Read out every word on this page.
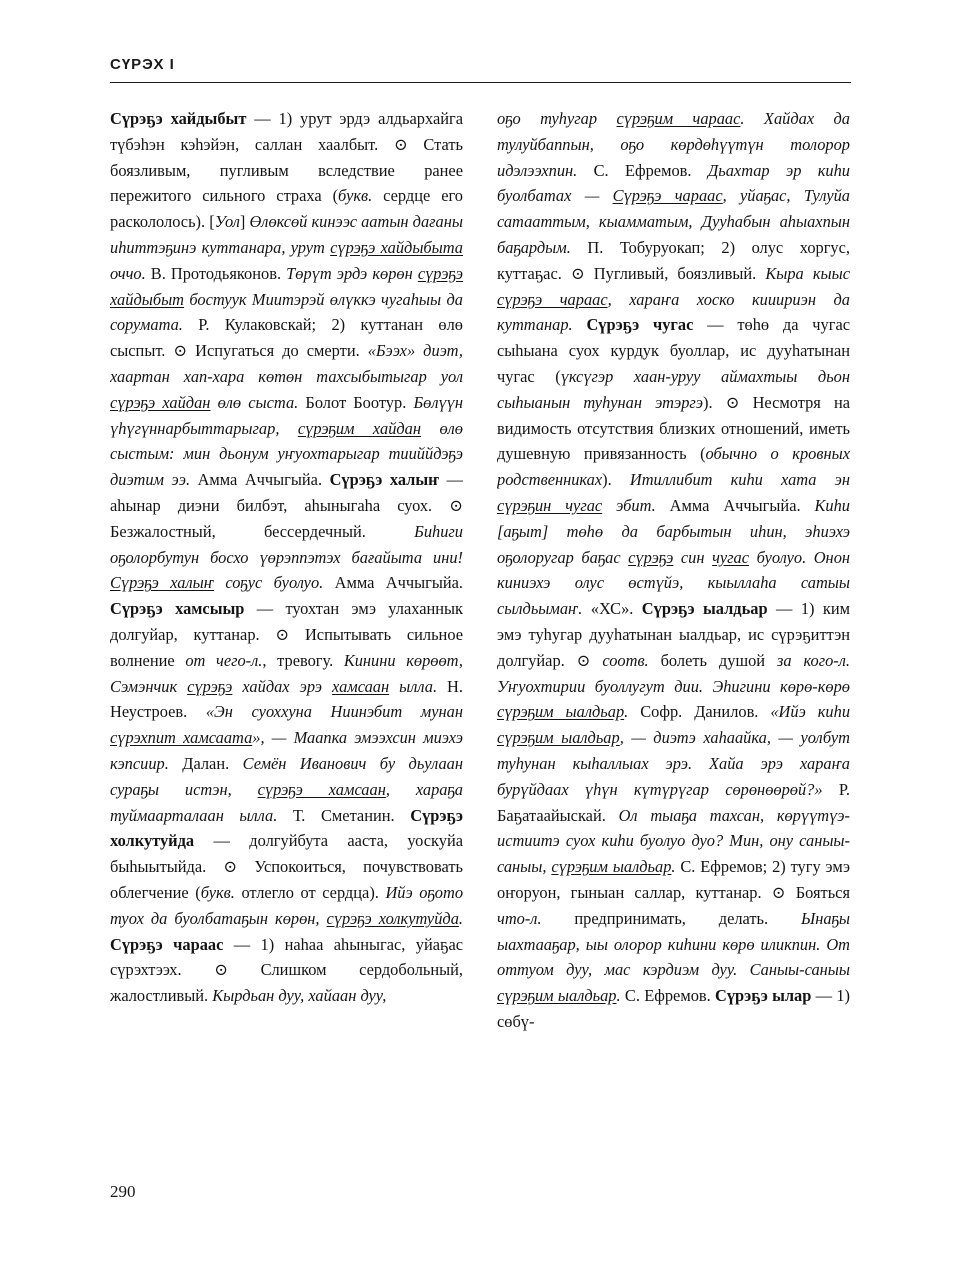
СҮРЭХ I

Сүрэҕэ хайдыбыт — 1) урут эрдэ алдьархайга түбэһэн кэһэйэн, саллан хаалбыт. ⊙ Стать боязливым, пугливым вследствие ранее пережитого сильного страха (букв. сердце его раскололось). [Уол] Өлөксөй кинээс аатын дағаны иһиттэҕинэ куттанара, урут сүрэҕэ хайдыбыта оччо. В. Протодьяконов. Төрүт эрдэ көрөн сүрэҕэ хайдыбыт бостуук Миитэрэй өлүккэ чугаһыы да сорумата. Р. Кулаковскай; 2) куттанан өлө сыспыт. ⊙ Испугаться до смерти. «Бээх» диэт, хаартан хап-хара көтөн тахсыбытыгар уол сүрэҕэ хайдан өлө сыста. Болот Боотур. Бөлүүн үһүгүннарбыттарыгар, сүрэҕим хайдан өлө сыстым: мин дьонум уҥуохтарыгар тииййдэҕэ диэтим ээ. Амма Аччыгыйа. Сүрэҕэ халыҥ — аһынар диэни билбэт, аһыныгаһа суох. ⊙ Безжалостный, бессердечный. Биһиги оҕолорбутун босхо үөрэппэтэх бағайыта ини! Сүрэҕэ халыҥ соҕус буолуо. Амма Аччыгыйа. Сүрэҕэ хамсыыр — туохтан эмэ улаханнык долгуйар, куттанар. ⊙ Испытывать сильное волнение от чего-л., тревогу. Кинини көрөөт, Сэмэнчик сүрэҕэ хайдах эрэ хамсаан ылла. Н. Неустроев. «Эн суоххуна Ниинэбит мунан сүрэхпит хамсаата», — Маапка эмээхсин миэхэ кэпсиир. Далан. Семён Иванович бу дьулаан сураҕы истэн, сүрэҕэ хамсаан, хараҕа туймаарталаан ылла. Т. Сметанин. Сүрэҕэ холкутуйда — долгуйбута ааста, уоскуйа быһыытыйда. ⊙ Успокоиться, почувствовать облегчение (букв. отлегло от сердца). Ийэ оҕото туох да буолбатаҕын көрөн, сүрэҕэ холкутуйда. Сүрэҕэ чараас — 1) наһаа аһыныгас, уйаҕас сүрэхтээх. ⊙ Слишком сердобольный, жалостливый. Кырдьан дуу, хайаан дуу,

оҕо туһугар сүрэҕим чараас. Хайдах да тулуйбаппын, оҕо көрдөһүүтүн толорор идэлээхпин. С. Ефремов. Дьахтар эр киһи буолбатах — Сүрэҕэ чараас, уйаҕас, Тулуйа сатааттым, кыамматым, Дууһабын аһыахпын баҕардым. П. Тобуруокап; 2) олус хоргус, куттаҕас. ⊙ Пугливый, боязливый. Кыра кыыс сүрэҕэ чараас, хараҥа хоско кииириэн да куттанар. Сүрэҕэ чугас — төһө да чугас сыһыана суох курдук буоллар, ис дууһатынан чугас (үксүгэр хаан-уруу аймахтыы дьон сыһыанын туһунан этэргэ). ⊙ Несмотря на видимость отсутствия близких отношений, иметь душевную привязанность (обычно о кровных родственниках). Итиллибит киһи хата эн сүрэҕин чугас эбит. Амма Аччыгыйа. Киһи [аҕыт] төһө да барбытын иһин, эһиэхэ оҕолоругар баҕас сүрэҕэ син чугас буолуо. Онон киниэхэ олус өстүйэ, кыыллаһа сатыы сылдьымаҥ. «ХС». Сүрэҕэ ыалдьар — 1) ким эмэ туһугар дууһатынан ыалдьар, ис сүрэҕиттэн долгуйар. ⊙ соотв. болеть душой за кого-л. Уҥуохтирии буоллугут дии. Эһигини көрө-көрө сүрэҕим ыалдьар. Софр. Данилов. «Ийэ киһи сүрэҕим ыалдьар, — диэтэ хаһаайка, — уолбут туһунан кыһаллыах эрэ. Хайа эрэ хараҥа бурүйдаах үһүн күтүрүгар сөрөнөөрөй?» Р. Баҕатаайыскай. Ол тыаҕа тахсан, көрүүтүэ-истиитэ суох киһи буолуо дуо? Мин, ону саныы-саныы, сүрэҕим ыалдьар. С. Ефремов; 2) тугу эмэ оҥоруон, гыныан саллар, куттанар. ⊙ Бояться что-л. предпринимать, делать. Ынаҕы ыахтааҕар, ыы олорор киһини көрө иликпин. От оттуом дуу, мас кэрдиэм дуу. Саныы-саныы сүрэҕим ыалдьар. С. Ефремов. Сүрэҕэ ылар — 1) сөбү-

290
